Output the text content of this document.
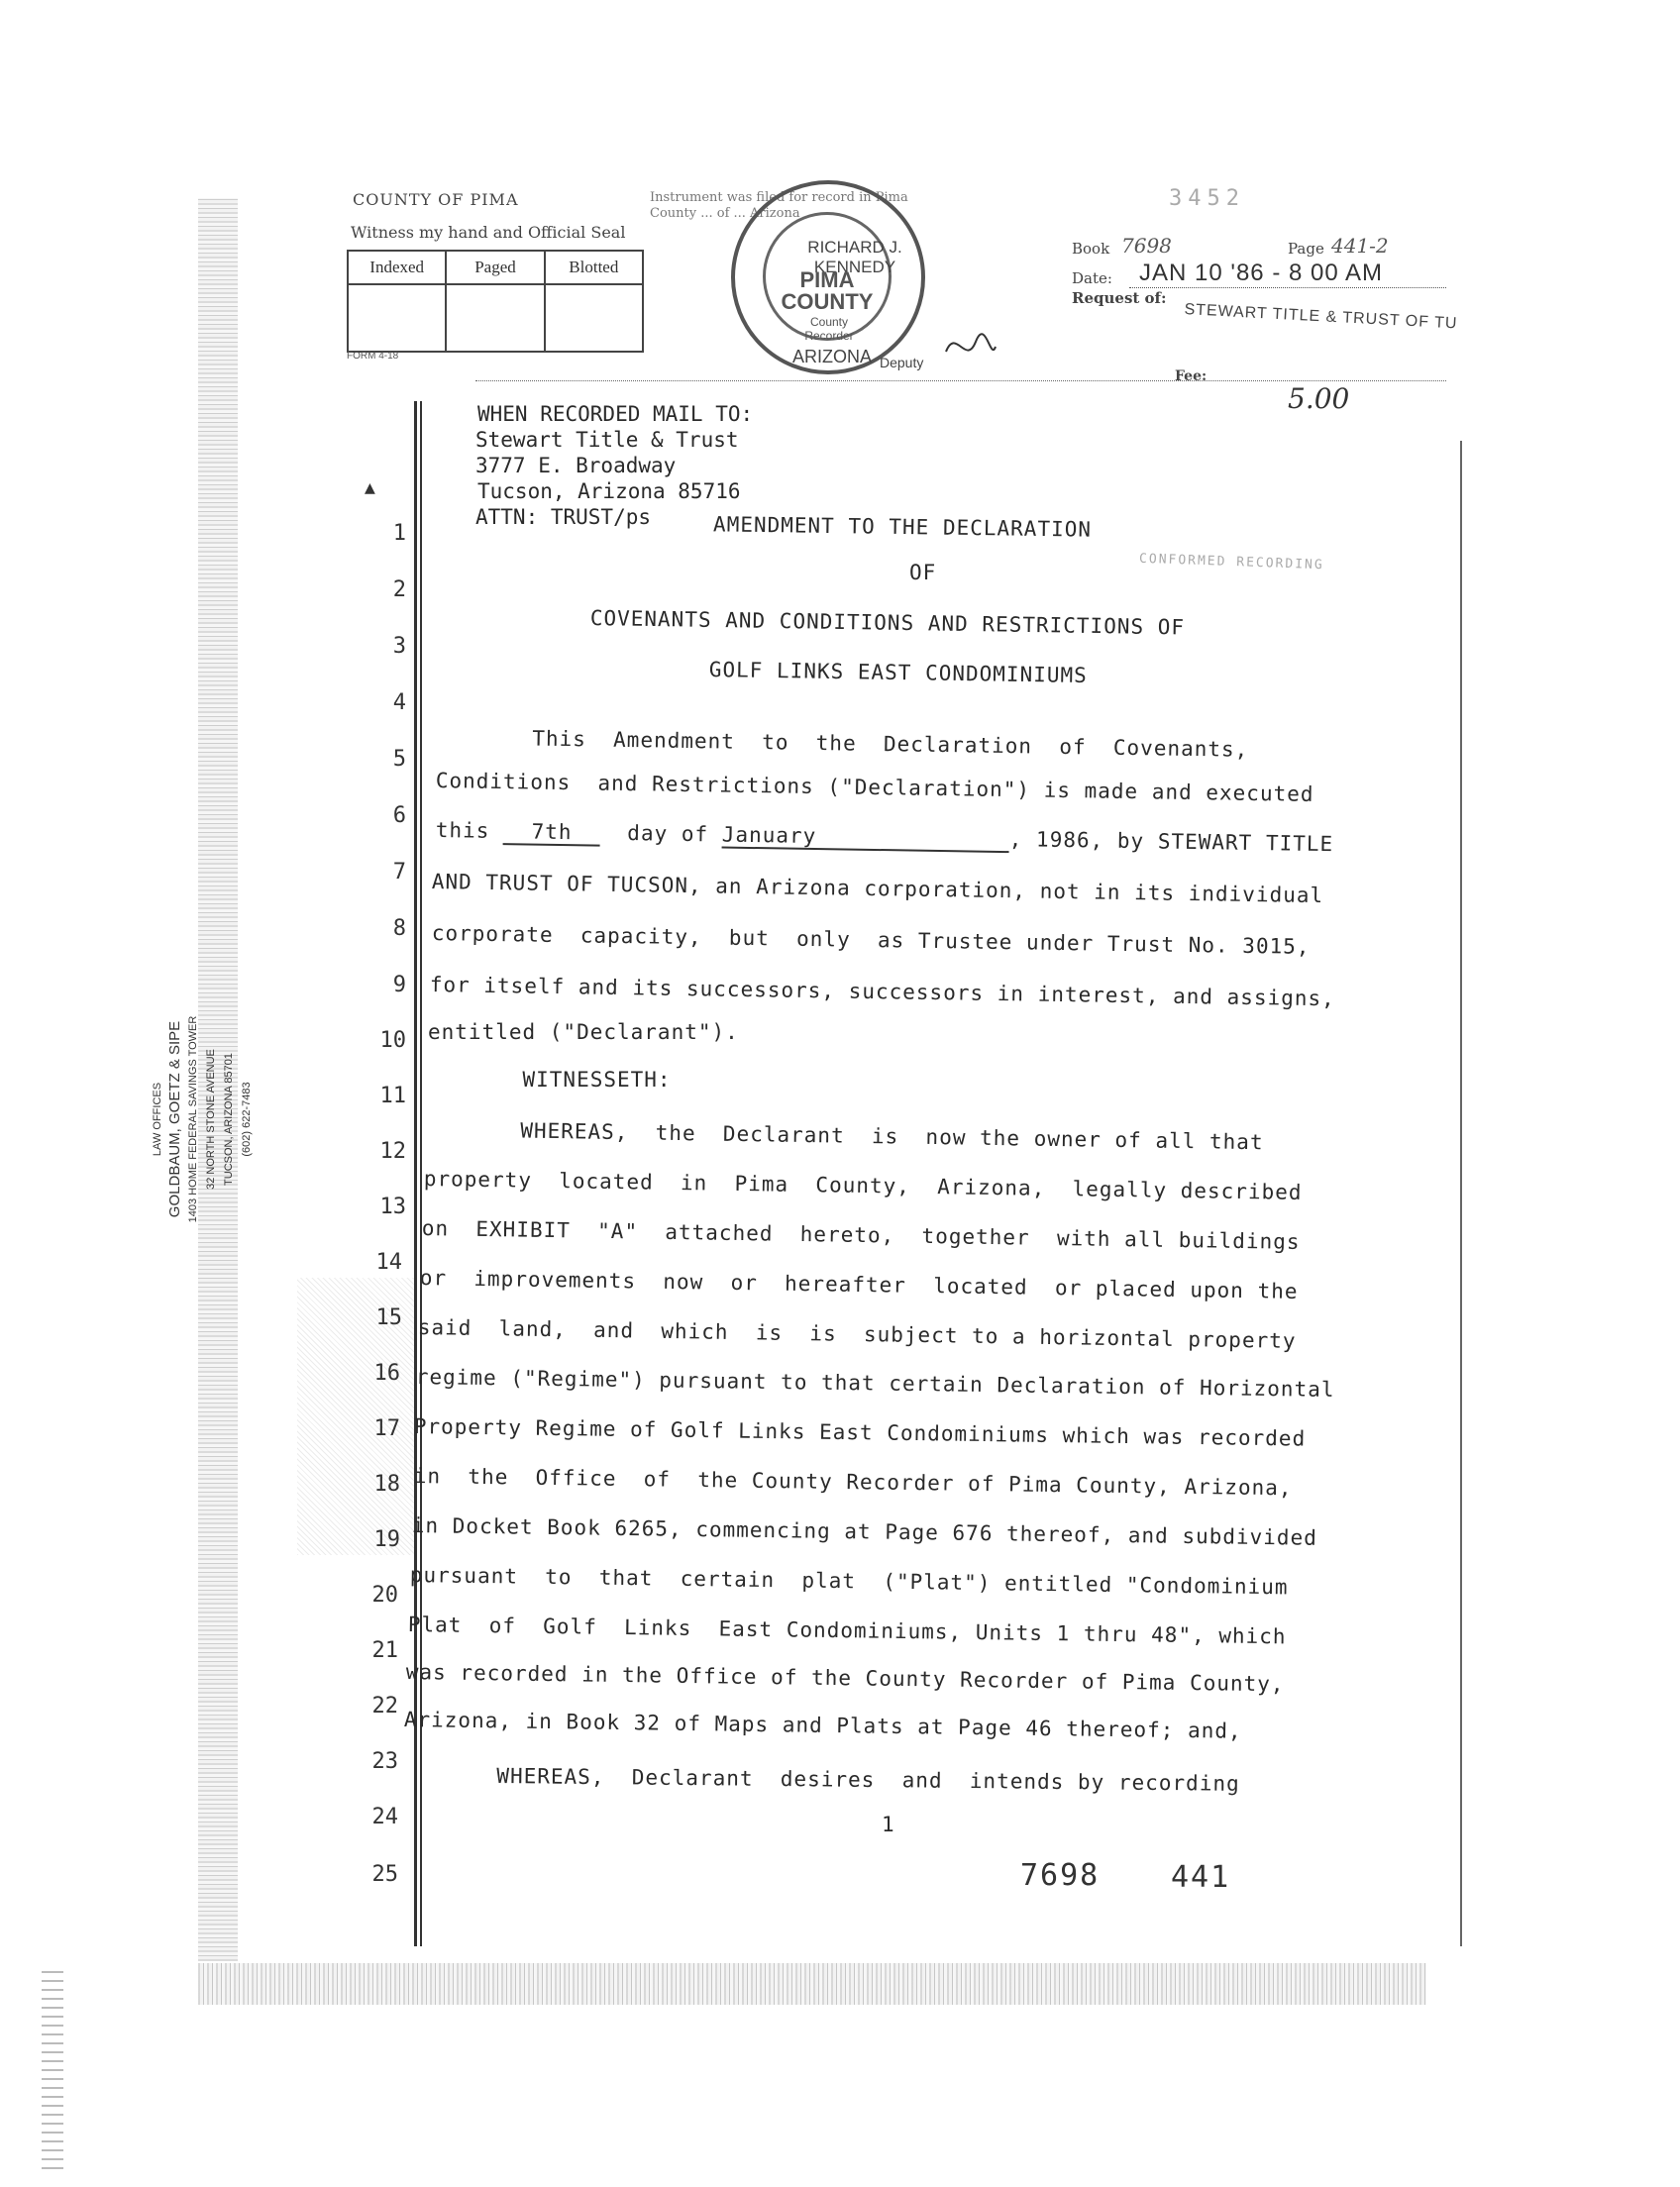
COUNTY OF PIMA
Witness my hand and Official Seal
Instrument was filed for record in Pima County ... of ... Arizona
Indexed	Paged	Blotted
FORM 4-18
RICHARD J. KENNEDY
PIMA COUNTY
County Recorder
ARIZONA Deputy
3452
Book 7698	Page 441-2
Date: JAN 10 '86 - 8 00 AM
Request of:
STEWART TITLE & TRUST OF TU
Fee:
5.00
WHEN RECORDED MAIL TO:
Stewart Title & Trust
3777 E. Broadway
Tucson, Arizona 85716
ATTN: TRUST/ps
CONFORMED RECORDING
AMENDMENT TO THE DECLARATION
OF
COVENANTS AND CONDITIONS AND RESTRICTIONS OF
GOLF LINKS EAST CONDOMINIUMS
1
2
3
4
5
6
7
8
9
10
11
12
13
14
15
16
17
18
19
20
21
22
23
24
25
This  Amendment  to  the  Declaration  of  Covenants,
Conditions  and Restrictions ("Declaration") is made and executed
this 7th  day of January	, 1986, by STEWART TITLE
AND TRUST OF TUCSON, an Arizona corporation, not in its individual
corporate  capacity,  but  only  as Trustee under Trust No. 3015,
for itself and its successors, successors in interest, and assigns,
entitled ("Declarant").
WITNESSETH:
WHEREAS,  the  Declarant  is  now the owner of all that
property  located  in  Pima  County,  Arizona,  legally described
on  EXHIBIT  "A"  attached  hereto,  together  with all buildings
or  improvements  now  or  hereafter  located  or placed upon the
said  land,  and  which  is  is  subject to a horizontal property
regime ("Regime") pursuant to that certain Declaration of Horizontal
Property Regime of Golf Links East Condominiums which was recorded
in  the  Office  of  the County Recorder of Pima County, Arizona,
in Docket Book 6265, commencing at Page 676 thereof, and subdivided
pursuant  to  that  certain  plat  ("Plat") entitled "Condominium
Plat  of  Golf  Links  East Condominiums, Units 1 thru 48", which
was recorded in the Office of the County Recorder of Pima County,
Arizona, in Book 32 of Maps and Plats at Page 46 thereof; and,
WHEREAS,  Declarant  desires  and  intends by recording
1
7698 441
LAW OFFICES GOLDBAUM, GOETZ & SIPE 1403 HOME FEDERAL SAVINGS TOWER 32 NORTH STONE AVENUE TUCSON, ARIZONA 85701 (602) 622-7483
▲
